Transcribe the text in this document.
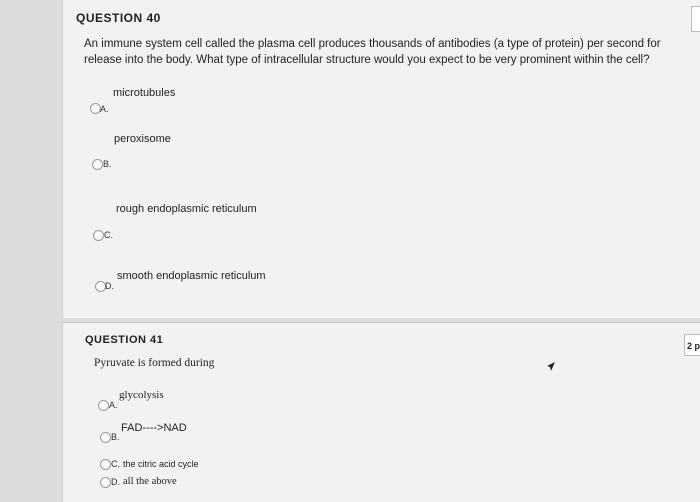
QUESTION 40
An immune system cell called the plasma cell produces thousands of antibodies (a type of protein) per second for release into the body. What type of intracellular structure would you expect to be very prominent within the cell?
microtubules
A.
peroxisome
B.
rough endoplasmic reticulum
C.
smooth endoplasmic reticulum
D.
QUESTION 41
Pyruvate is formed during
A.
glycolysis
B.
FAD---->NAD
C. the citric acid cycle
D. all the above
2 p
